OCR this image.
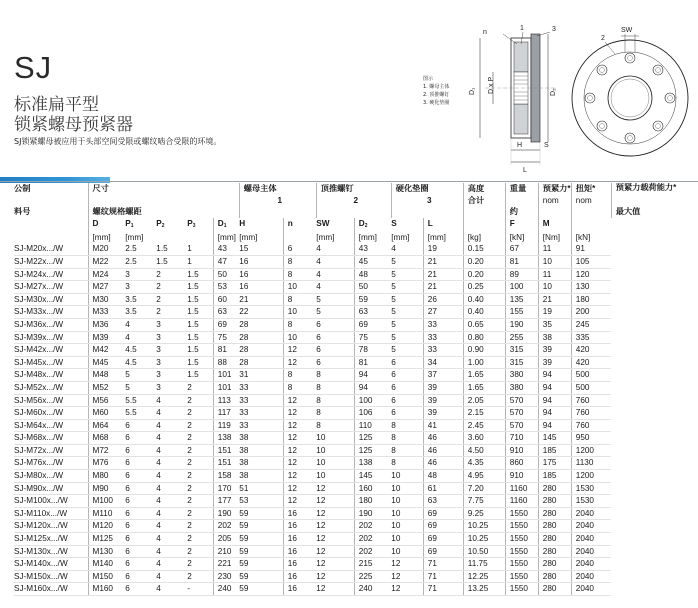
SJ
标准扁平型
锁紧螺母预紧器
SJ锁紧螺母被应用于头部空间受限或螺纹啮合受限的环境。
图示
1. 螺母主体
2. 顶推螺钉
3. 硬化垫圈
n
1	3
D₁ D x P	D₂
H	S
L
SW
2
公制	尺寸					螺母主体		顶推螺钉		硬化垫圈		高度	重量	预紧力*	扭矩*	预紧力载荷能力*
						1		2		3		合计		nom	nom	
料号	螺纹规格	螺距											约			最大值
	D	$P_1$	$P_2$	$P_3$	$D_1$	H	n	SW	$D_2$	S	L		F	M		
	[mm]	[mm]			[mm]	[mm]		[mm]	[mm]	[mm]	[mm]	[kg]	[kN]	[Nm]	[kN]	
SJ-M20x.../W	M20	2.5	1.5	1	43	15	6	4	43	4	19	0.15	67	11	91	
SJ-M22x.../W	M22	2.5	1.5	1	47	16	8	4	45	5	21	0.20	81	10	105	
SJ-M24x.../W	M24	3	2	1.5	50	16	8	4	48	5	21	0.20	89	11	120	
SJ-M27x.../W	M27	3	2	1.5	53	16	10	4	50	5	21	0.25	100	10	130	
SJ-M30x.../W	M30	3.5	2	1.5	60	21	8	5	59	5	26	0.40	135	21	180	
SJ-M33x.../W	M33	3.5	2	1.5	63	22	10	5	63	5	27	0.40	155	19	200	
SJ-M36x.../W	M36	4	3	1.5	69	28	8	6	69	5	33	0.65	190	35	245	
SJ-M39x.../W	M39	4	3	1.5	75	28	10	6	75	5	33	0.80	255	38	335	
SJ-M42x.../W	M42	4.5	3	1.5	81	28	12	6	78	5	33	0.90	315	39	420	
SJ-M45x.../W	M45	4.5	3	1.5	88	28	12	6	81	6	34	1.00	315	39	420	
SJ-M48x.../W	M48	5	3	1.5	101	31	8	8	94	6	37	1.65	380	94	500	
SJ-M52x.../W	M52	5	3	2	101	33	8	8	94	6	39	1.65	380	94	500	
SJ-M56x.../W	M56	5.5	4	2	113	33	12	8	100	6	39	2.05	570	94	760	
SJ-M60x.../W	M60	5.5	4	2	117	33	12	8	106	6	39	2.15	570	94	760	
SJ-M64x.../W	M64	6	4	2	119	33	12	8	110	8	41	2.45	570	94	760	
SJ-M68x.../W	M68	6	4	2	138	38	12	10	125	8	46	3.60	710	145	950	
SJ-M72x.../W	M72	6	4	2	151	38	12	10	125	8	46	4.50	910	185	1200	
SJ-M76x.../W	M76	6	4	2	151	38	12	10	138	8	46	4.35	860	175	1130	
SJ-M80x.../W	M80	6	4	2	158	38	12	10	145	10	48	4.95	910	185	1200	
SJ-M90x.../W	M90	6	4	2	170	51	12	12	160	10	61	7.20	1160	280	1530	
SJ-M100x.../W	M100	6	4	2	177	53	12	12	180	10	63	7.75	1160	280	1530	
SJ-M110x.../W	M110	6	4	2	190	59	16	12	190	10	69	9.25	1550	280	2040	
SJ-M120x.../W	M120	6	4	2	202	59	16	12	202	10	69	10.25	1550	280	2040	
SJ-M125x.../W	M125	6	4	2	205	59	16	12	202	10	69	10.25	1550	280	2040	
SJ-M130x.../W	M130	6	4	2	210	59	16	12	202	10	69	10.50	1550	280	2040	
SJ-M140x.../W	M140	6	4	2	221	59	16	12	215	12	71	11.75	1550	280	2040	
SJ-M150x.../W	M150	6	4	2	230	59	16	12	225	12	71	12.25	1550	280	2040	
SJ-M160x.../W	M160	6	4	-	240	59	16	12	240	12	71	13.25	1550	280	2040	
